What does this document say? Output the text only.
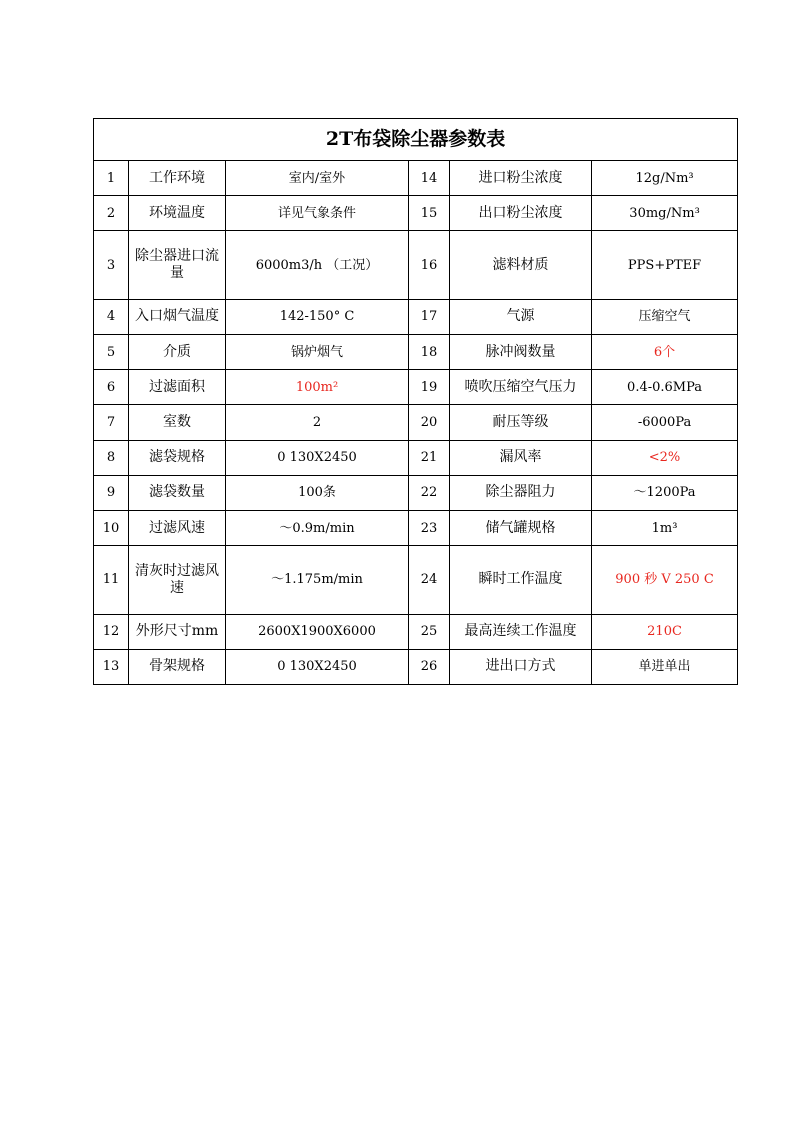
2T布袋除尘器参数表					
1	工作环境	室内/室外	14	进口粉尘浓度	12g/Nm³
2	环境温度	详见气象条件	15	出口粉尘浓度	30mg/Nm³
3	除尘器进口流量	6000m3/h （工况）	16	滤料材质	PPS+PTEF
4	入口烟气温度	142-150° C	17	气源	压缩空气
5	介质	锅炉烟气	18	脉冲阀数量	6个
6	过滤面积	100m²	19	喷吹压缩空气压力	0.4-0.6MPa
7	室数	2	20	耐压等级	-6000Pa
8	滤袋规格	0 130X2450	21	漏风率	<2%
9	滤袋数量	100条	22	除尘器阻力	～1200Pa
10	过滤风速	～0.9m/min	23	储气罐规格	1m³
11	清灰时过滤风速	～1.175m/min	24	瞬时工作温度	900 秒 V 250 C
12	外形尺寸mm	2600X1900X6000	25	最高连续工作温度	210C
13	骨架规格	0 130X2450	26	进出口方式	单进单出
